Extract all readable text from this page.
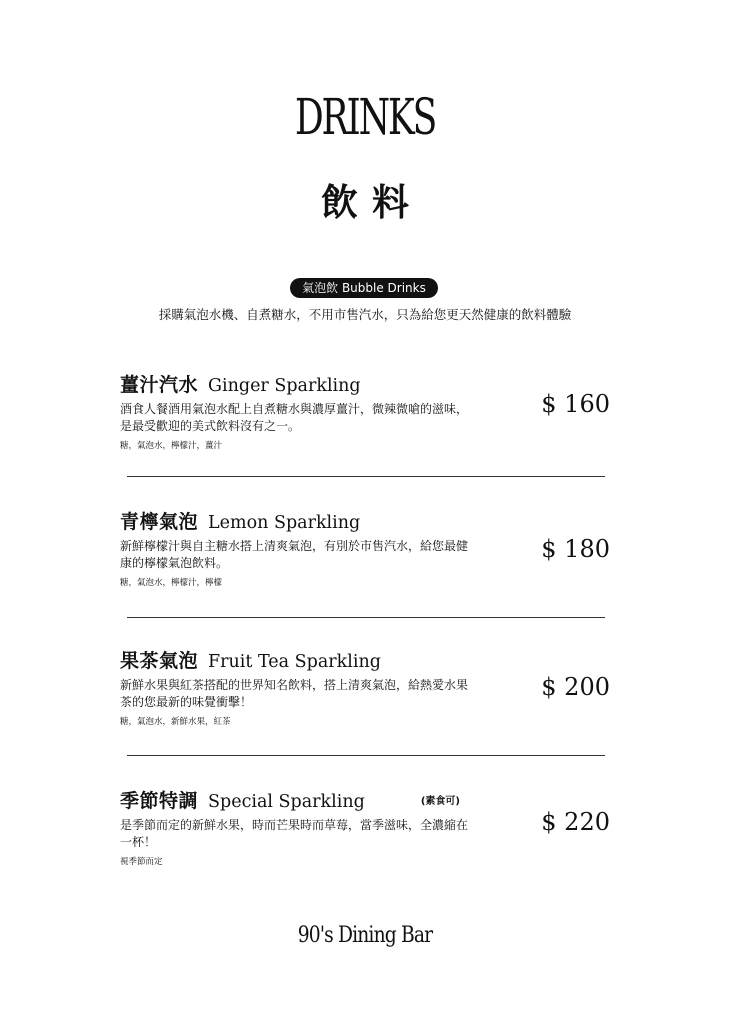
DRINKS
飲料
氣泡飲 Bubble Drinks
採購氣泡水機、自煮糖水，不用市售汽水，只為給您更天然健康的飲料體驗
薑汁汽水 Ginger Sparkling
酒食人餐酒用氣泡水配上自煮糖水與濃厚薑汁，微辣微嗆的滋味，是最受歡迎的美式飲料沒有之一。
糖，氣泡水，檸檬汁，薑汁
$ 160
青檸氣泡 Lemon Sparkling
新鮮檸檬汁與自主糖水搭上清爽氣泡，有別於市售汽水，給您最健康的檸檬氣泡飲料。
糖，氣泡水，檸檬汁，檸檬
$ 180
果茶氣泡 Fruit Tea Sparkling
新鮮水果與紅茶搭配的世界知名飲料，搭上清爽氣泡，給熱愛水果茶的您最新的味覺衝擊！
糖，氣泡水，新鮮水果，紅茶
$ 200
季節特調 Special Sparkling	(素食可)
是季節而定的新鮮水果，時而芒果時而草莓，當季滋味，全濃縮在一杯！
視季節而定
$ 220
90's Dining Bar
